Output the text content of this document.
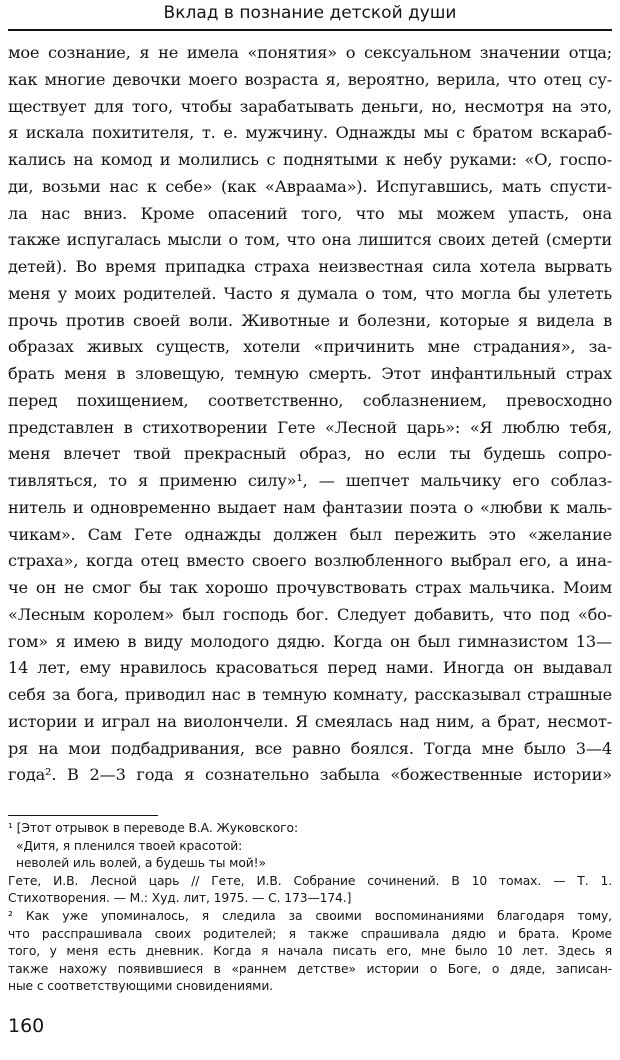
Вклад в познание детской души
мое сознание, я не имела «понятия» о сексуальном значении отца;
как многие девочки моего возраста я, вероятно, верила, что отец су-
ществует для того, чтобы зарабатывать деньги, но, несмотря на это,
я искала похитителя, т. е. мужчину. Однажды мы с братом вскараб-
кались на комод и молились с поднятыми к небу руками: «О, госпо-
ди, возьми нас к себе» (как «Авраама»). Испугавшись, мать спусти-
ла нас вниз. Кроме опасений того, что мы можем упасть, она
также испугалась мысли о том, что она лишится своих детей (смерти
детей). Во время припадка страха неизвестная сила хотела вырвать
меня у моих родителей. Часто я думала о том, что могла бы улететь
прочь против своей воли. Животные и болезни, которые я видела в
образах живых существ, хотели «причинить мне страдания», за-
брать меня в зловещую, темную смерть. Этот инфантильный страх
перед похищением, соответственно, соблазнением, превосходно
представлен в стихотворении Гете «Лесной царь»: «Я люблю тебя,
меня влечет твой прекрасный образ, но если ты будешь сопро-
тивляться, то я применю силу»¹, — шепчет мальчику его соблаз-
нитель и одновременно выдает нам фантазии поэта о «любви к маль-
чикам». Сам Гете однажды должен был пережить это «желание
страха», когда отец вместо своего возлюбленного выбрал его, а ина-
че он не смог бы так хорошо прочувствовать страх мальчика. Моим
«Лесным королем» был господь бог. Следует добавить, что под «бо-
гом» я имею в виду молодого дядю. Когда он был гимназистом 13—
14 лет, ему нравилось красоваться перед нами. Иногда он выдавал
себя за бога, приводил нас в темную комнату, рассказывал страшные
истории и играл на виолончели. Я смеялась над ним, а брат, несмот-
ря на мои подбадривания, все равно боялся. Тогда мне было 3—4
года². В 2—3 года я сознательно забыла «божественные истории»
¹ [Этот отрывок в переводе В.А. Жуковского:
«Дитя, я пленился твоей красотой:
неволей иль волей, а будешь ты мой!»
Гете, И.В. Лесной царь // Гете, И.В. Собрание сочинений. В 10 томах. — Т. 1.
Стихотворения. — М.: Худ. лит, 1975. — С. 173—174.]
² Как уже упоминалось, я следила за своими воспоминаниями благодаря тому,
что расспрашивала своих родителей; я также спрашивала дядю и брата. Кроме
того, у меня есть дневник. Когда я начала писать его, мне было 10 лет. Здесь я
также нахожу появившиеся в «раннем детстве» истории о Боге, о дяде, записан-
ные с соответствующими сновидениями.
160
